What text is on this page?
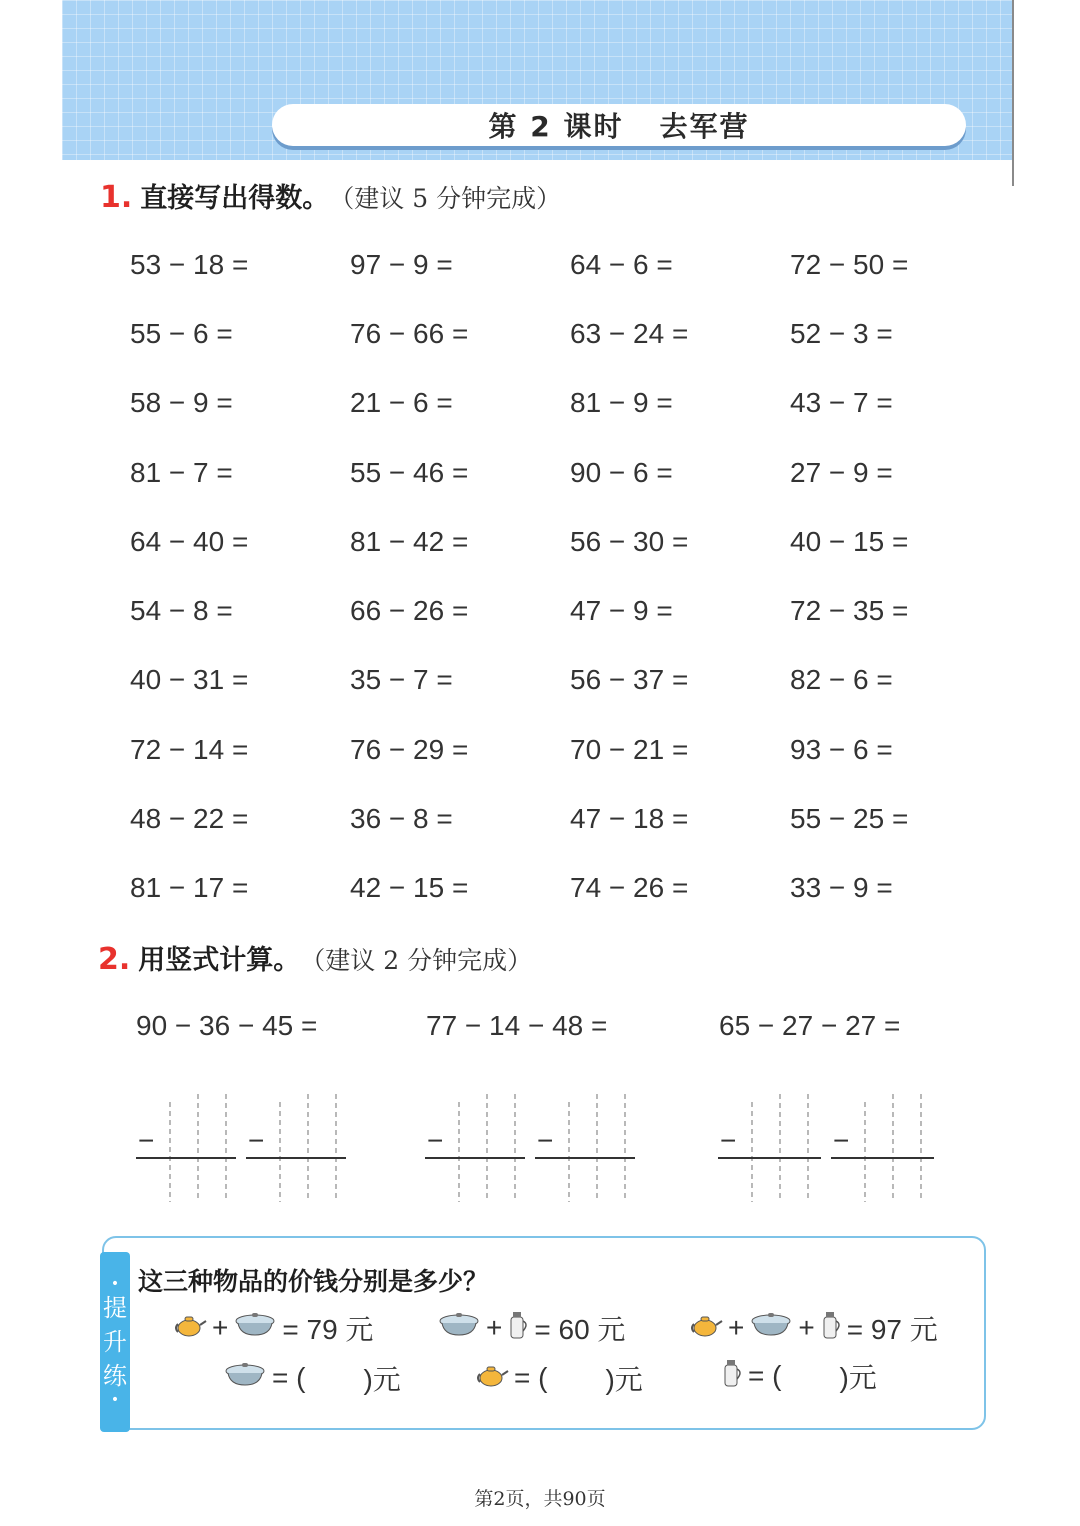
第 2 课时 去军营
1. 直接写出得数。 （建议 5 分钟完成）
53 − 18 =	97 − 9 =	64 − 6 =	72 − 50 =
55 − 6 =	76 − 66 =	63 − 24 =	52 − 3 =
58 − 9 =	21 − 6 =	81 − 9 =	43 − 7 =
81 − 7 =	55 − 46 =	90 − 6 =	27 − 9 =
64 − 40 =	81 − 42 =	56 − 30 =	40 − 15 =
54 − 8 =	66 − 26 =	47 − 9 =	72 − 35 =
40 − 31 =	35 − 7 =	56 − 37 =	82 − 6 =
72 − 14 =	76 − 29 =	70 − 21 =	93 − 6 =
48 − 22 =	36 − 8 =	47 − 18 =	55 − 25 =
81 − 17 =	42 − 15 =	74 − 26 =	33 − 9 =
2. 用竖式计算。 （建议 2 分钟完成）
90 − 36 − 45 =	77 − 14 − 48 =	65 − 27 − 27 =
−	−	−	−	−	−
•
提
升
练
•
这三种物品的价钱分别是多少？
+ = 79 元	+ = 60 元	+ + = 97 元
= ( )元	= ( )元	= ( )元
第2页，共90页
